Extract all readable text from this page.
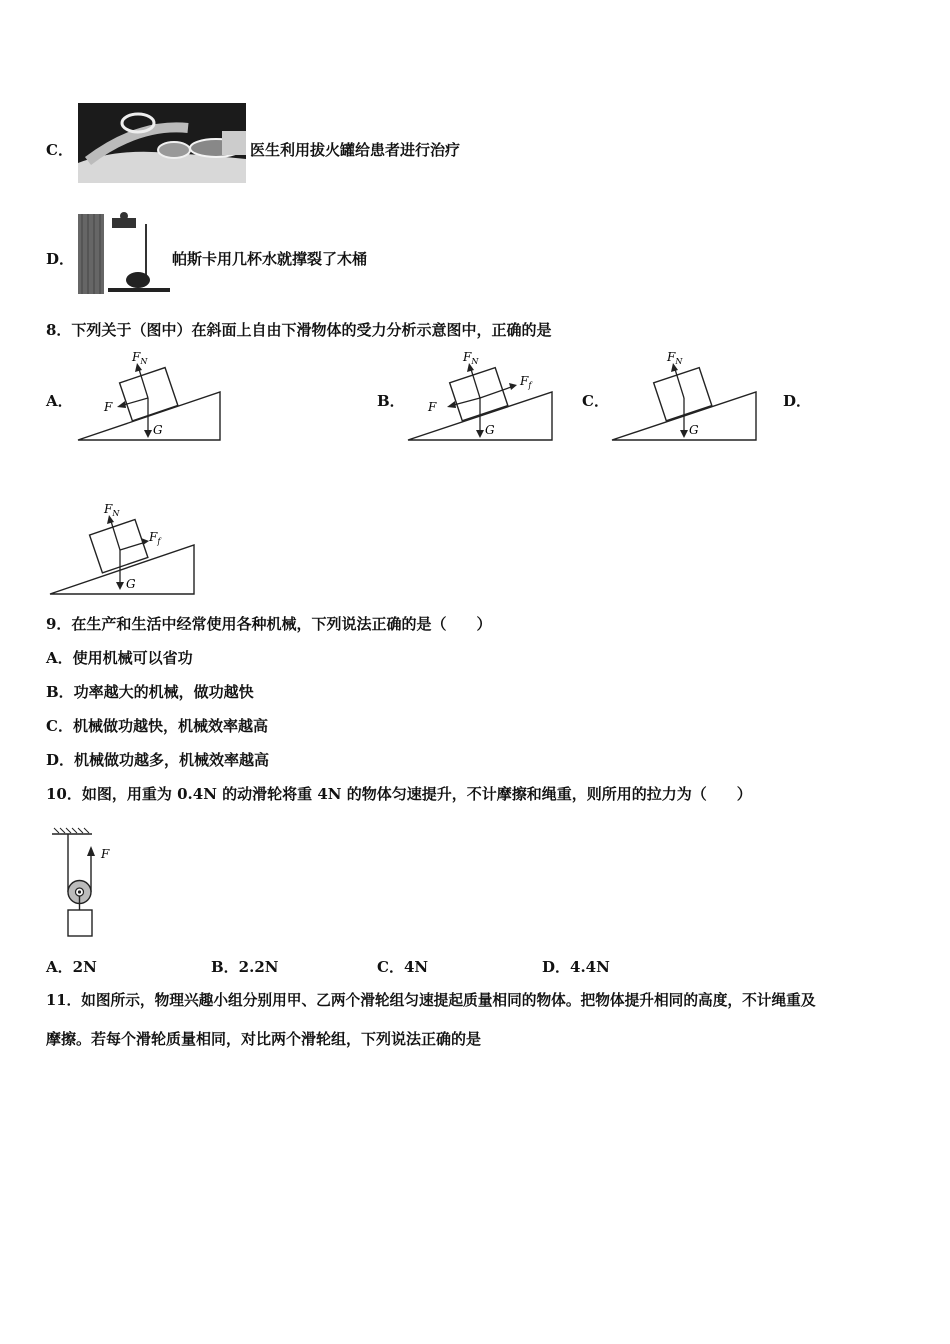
C．	医生利用拔火罐给患者进行治疗
D．	帕斯卡用几杯水就撑裂了木桶
8．下列关于（图中）在斜面上自由下滑物体的受力分析示意图中，正确的是
A．
$F_N$
F
G
B．
$F_N$
F
$F_f$
G
C．
$F_N$
G
D．
$F_N$
$F_f$
G
9．在生产和生活中经常使用各种机械，下列说法正确的是（　　）
A．使用机械可以省功
B．功率越大的机械，做功越快
C．机械做功越快，机械效率越高
D．机械做功越多，机械效率越高
10．如图，用重为 0.4N 的动滑轮将重 4N 的物体匀速提升，不计摩擦和绳重，则所用的拉力为（　　）
F
A．2N	B．2.2N	C．4N	D．4.4N
11．如图所示，物理兴趣小组分别用甲、乙两个滑轮组匀速提起质量相同的物体。把物体提升相同的高度，不计绳重及
摩擦。若每个滑轮质量相同，对比两个滑轮组，下列说法正确的是
